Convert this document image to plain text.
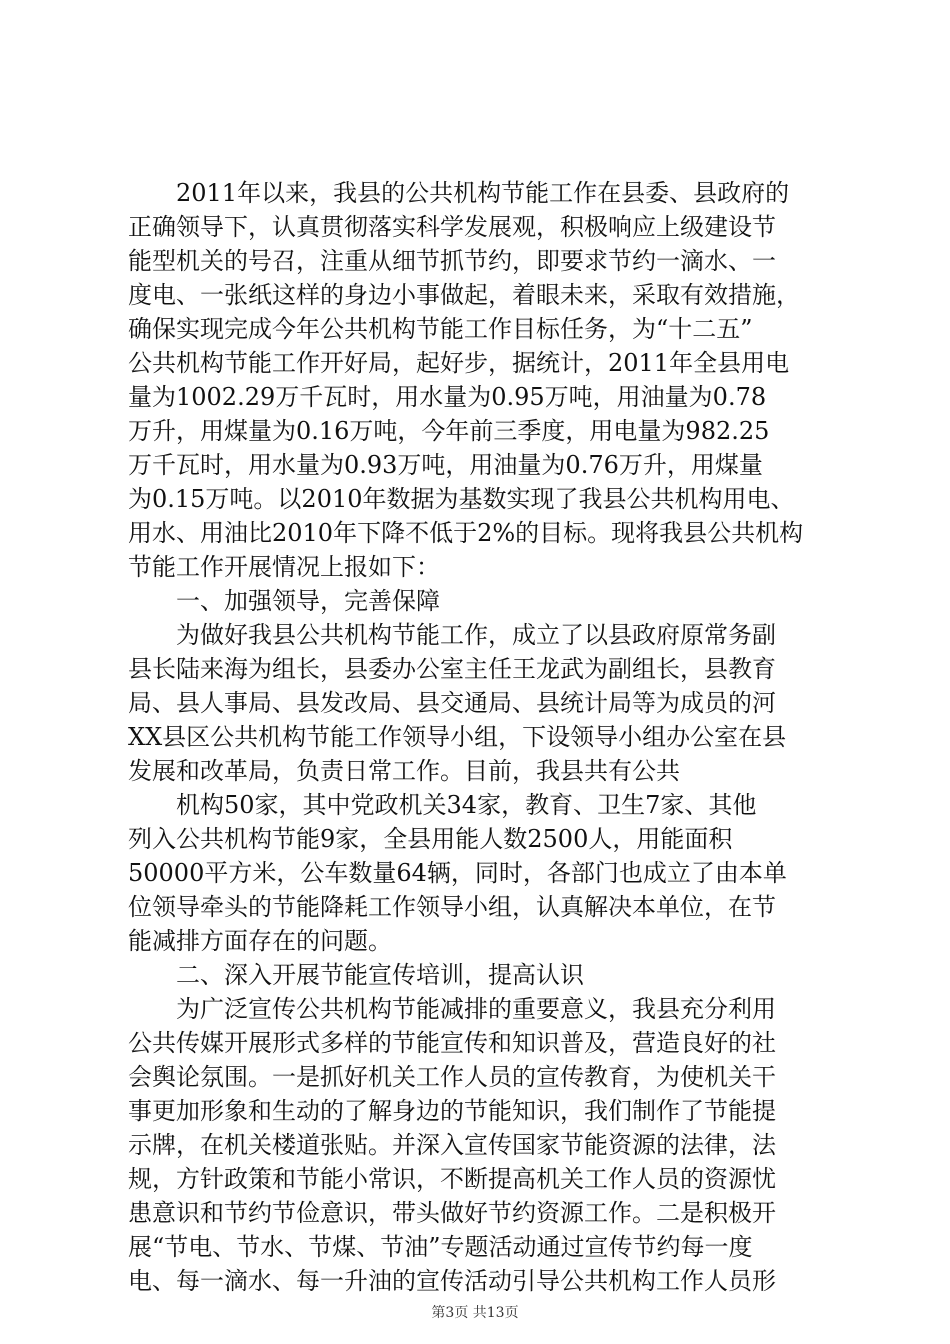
　　2011年以来，我县的公共机构节能工作在县委、县政府的
正确领导下，认真贯彻落实科学发展观，积极响应上级建设节
能型机关的号召，注重从细节抓节约，即要求节约一滴水、一
度电、一张纸这样的身边小事做起，着眼未来，采取有效措施，
确保实现完成今年公共机构节能工作目标任务，为“十二五”
公共机构节能工作开好局，起好步，据统计，2011年全县用电
量为1002.29万千瓦时，用水量为0.95万吨，用油量为0.78
万升，用煤量为0.16万吨，今年前三季度，用电量为982.25
万千瓦时，用水量为0.93万吨，用油量为0.76万升，用煤量
为0.15万吨。以2010年数据为基数实现了我县公共机构用电、
用水、用油比2010年下降不低于2%的目标。现将我县公共机构
节能工作开展情况上报如下：
　　一、加强领导，完善保障
　　为做好我县公共机构节能工作，成立了以县政府原常务副
县长陆来海为组长，县委办公室主任王龙武为副组长，县教育
局、县人事局、县发改局、县交通局、县统计局等为成员的河
XX县区公共机构节能工作领导小组，下设领导小组办公室在县
发展和改革局，负责日常工作。目前，我县共有公共
　　机构50家，其中党政机关34家，教育、卫生7家、其他
列入公共机构节能9家，全县用能人数2500人，用能面积
50000平方米，公车数量64辆，同时，各部门也成立了由本单
位领导牵头的节能降耗工作领导小组，认真解决本单位，在节
能减排方面存在的问题。
　　二、深入开展节能宣传培训，提高认识
　　为广泛宣传公共机构节能减排的重要意义，我县充分利用
公共传媒开展形式多样的节能宣传和知识普及，营造良好的社
会舆论氛围。一是抓好机关工作人员的宣传教育，为使机关干
事更加形象和生动的了解身边的节能知识，我们制作了节能提
示牌，在机关楼道张贴。并深入宣传国家节能资源的法律，法
规，方针政策和节能小常识，不断提高机关工作人员的资源忧
患意识和节约节俭意识，带头做好节约资源工作。二是积极开
展“节电、节水、节煤、节油”专题活动通过宣传节约每一度
电、每一滴水、每一升油的宣传活动引导公共机构工作人员形
第3页 共13页
